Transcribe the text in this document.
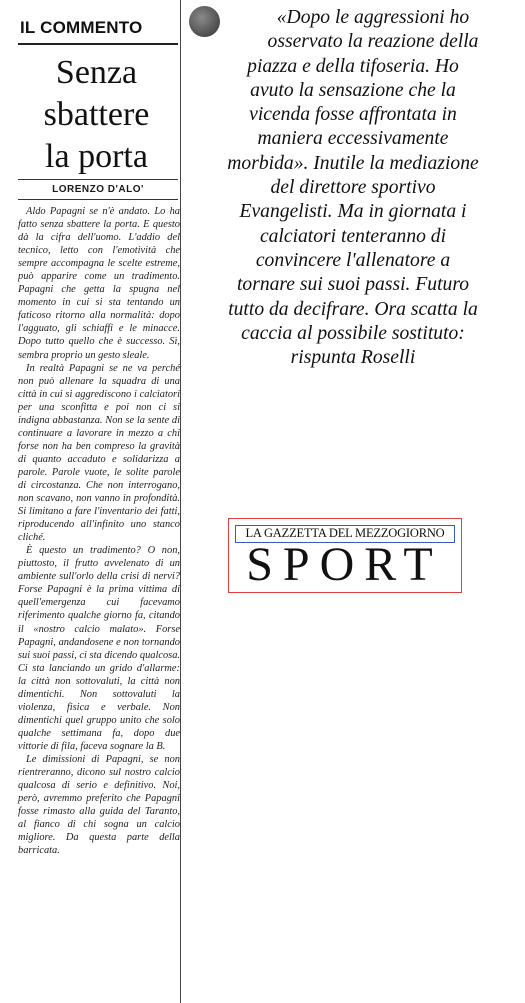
IL COMMENTO
Senza
sbattere
la porta
LORENZO D'ALO'

Aldo Papagni se n'è andato. Lo ha fatto senza sbattere la porta. E questo dà la cifra dell'uomo. L'addio del tecnico, letto con l'emotività che sempre accompagna le scelte estreme, può apparire come un tradimento. Papagni che getta la spugna nel momento in cui si sta tentando un faticoso ritorno alla normalità: dopo l'agguato, gli schiaffi e le minacce. Dopo tutto quello che è successo. Sì, sembra proprio un gesto sleale.

In realtà Papagni se ne va perché non può allenare la squadra di una città in cui si aggrediscono i calciatori per una sconfitta e poi non ci si indigna abbastanza. Non se la sente di continuare a lavorare in mezzo a chi forse non ha ben compreso la gravità di quanto accaduto e solidarizza a parole. Parole vuote, le solite parole di circostanza. Che non interrogano, non scavano, non vanno in profondità. Si limitano a fare l'inventario dei fatti, riproducendo all'infinito uno stanco cliché.

È questo un tradimento? O non, piuttosto, il frutto avvelenato di un ambiente sull'orlo della crisi di nervi? Forse Papagni è la prima vittima di quell'emergenza cui facevamo riferimento qualche giorno fa, citando il «nostro calcio malato». Forse Papagni, andandosene e non tornando sui suoi passi, ci sta dicendo qualcosa. Ci sta lanciando un grido d'allarme: la città non sottovaluti, la città non dimentichi. Non sottovaluti la violenza, fisica e verbale. Non dimentichi quel gruppo unito che solo qualche settimana fa, dopo due vittorie di fila, faceva sognare la B.

Le dimissioni di Papagni, se non rientreranno, dicono sul nostro calcio qualcosa di serio e definitivo. Noi, però, avremmo preferito che Papagni fosse rimasto alla guida del Taranto, al fianco di chi sogna un calcio migliore. Da questa parte della barricata.

«Dopo le aggressioni ho
osservato la reazione della
piazza e della tifoseria. Ho
avuto la sensazione che la
vicenda fosse affrontata in
maniera eccessivamente
morbida». Inutile la mediazione
del direttore sportivo
Evangelisti. Ma in giornata i
calciatori tenteranno di
convincere l'allenatore a
tornare sui suoi passi. Futuro
tutto da decifrare. Ora scatta la
caccia al possibile sostituto:
rispunta Roselli
LA GAZZETTA DEL MEZZOGIORNO
SPORT
